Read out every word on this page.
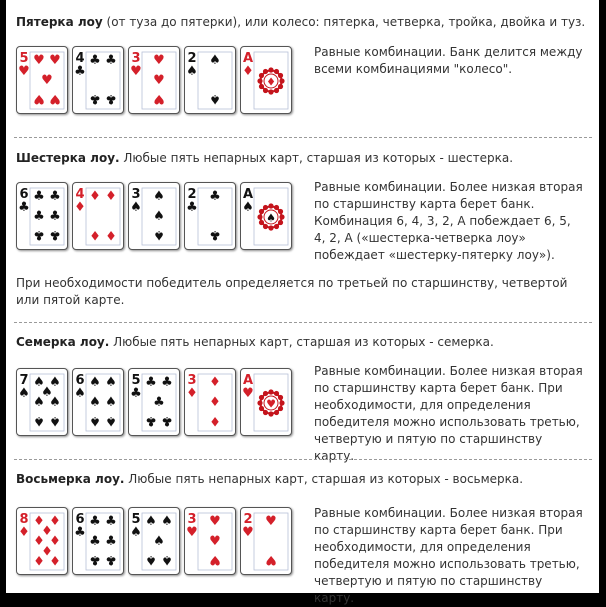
Пятерка лоу (от туза до пятерки), или колесо: пятерка, четверка, тройка, двойка и туз.

5
♥
♥ ♥
♥
♥ ♥
4
♣
♣ ♣
♣ ♣
3
♥
♥
♥
♥
2
♠
♠
♠
A
♦
♦

Равные комбинации. Банк делится между всеми комбинациями "колесо".

Шестерка лоу. Любые пять непарных карт, старшая из которых - шестерка.

6
♣
♣ ♣
♣ ♣
♣ ♣
4
♦
♦ ♦
♦ ♦
3
♠
♠
♠
♠
2
♣
♣
♣
A
♠
♠

Равные комбинации. Более низкая вторая по старшинству карта берет банк. Комбинация 6, 4, 3, 2, А побеждает 6, 5, 4, 2, А («шестерка-четверка лоу» побеждает «шестерку-пятерку лоу»).

При необходимости победитель определяется по третьей по старшинству, четвертой или пятой карте.

Семерка лоу. Любые пять непарных карт, старшая из которых - семерка.

7
♠
♠ ♠
♠
♠ ♠
♠ ♠
6
♠
♠ ♠
♠ ♠
♠ ♠
5
♣
♣ ♣
♣
♣ ♣
3
♦
♦
♦
♦
A
♥
♥

Равные комбинации. Более низкая вторая по старшинству карта берет банк. При необходимости, для определения победителя можно использовать третью, четвертую и пятую по старшинству карту.

Восьмерка лоу. Любые пять непарных карт, старшая из которых - восьмерка.

8
♦
♦ ♦
♦
♦ ♦
♦
♦ ♦
6
♣
♣ ♣
♣ ♣
♣ ♣
5
♠
♠ ♠
♠
♠ ♠
3
♥
♥
♥
♥
2
♥
♥
♥

Равные комбинации. Более низкая вторая по старшинству карта берет банк. При необходимости, для определения победителя можно использовать третью, четвертую и пятую по старшинству карту.
